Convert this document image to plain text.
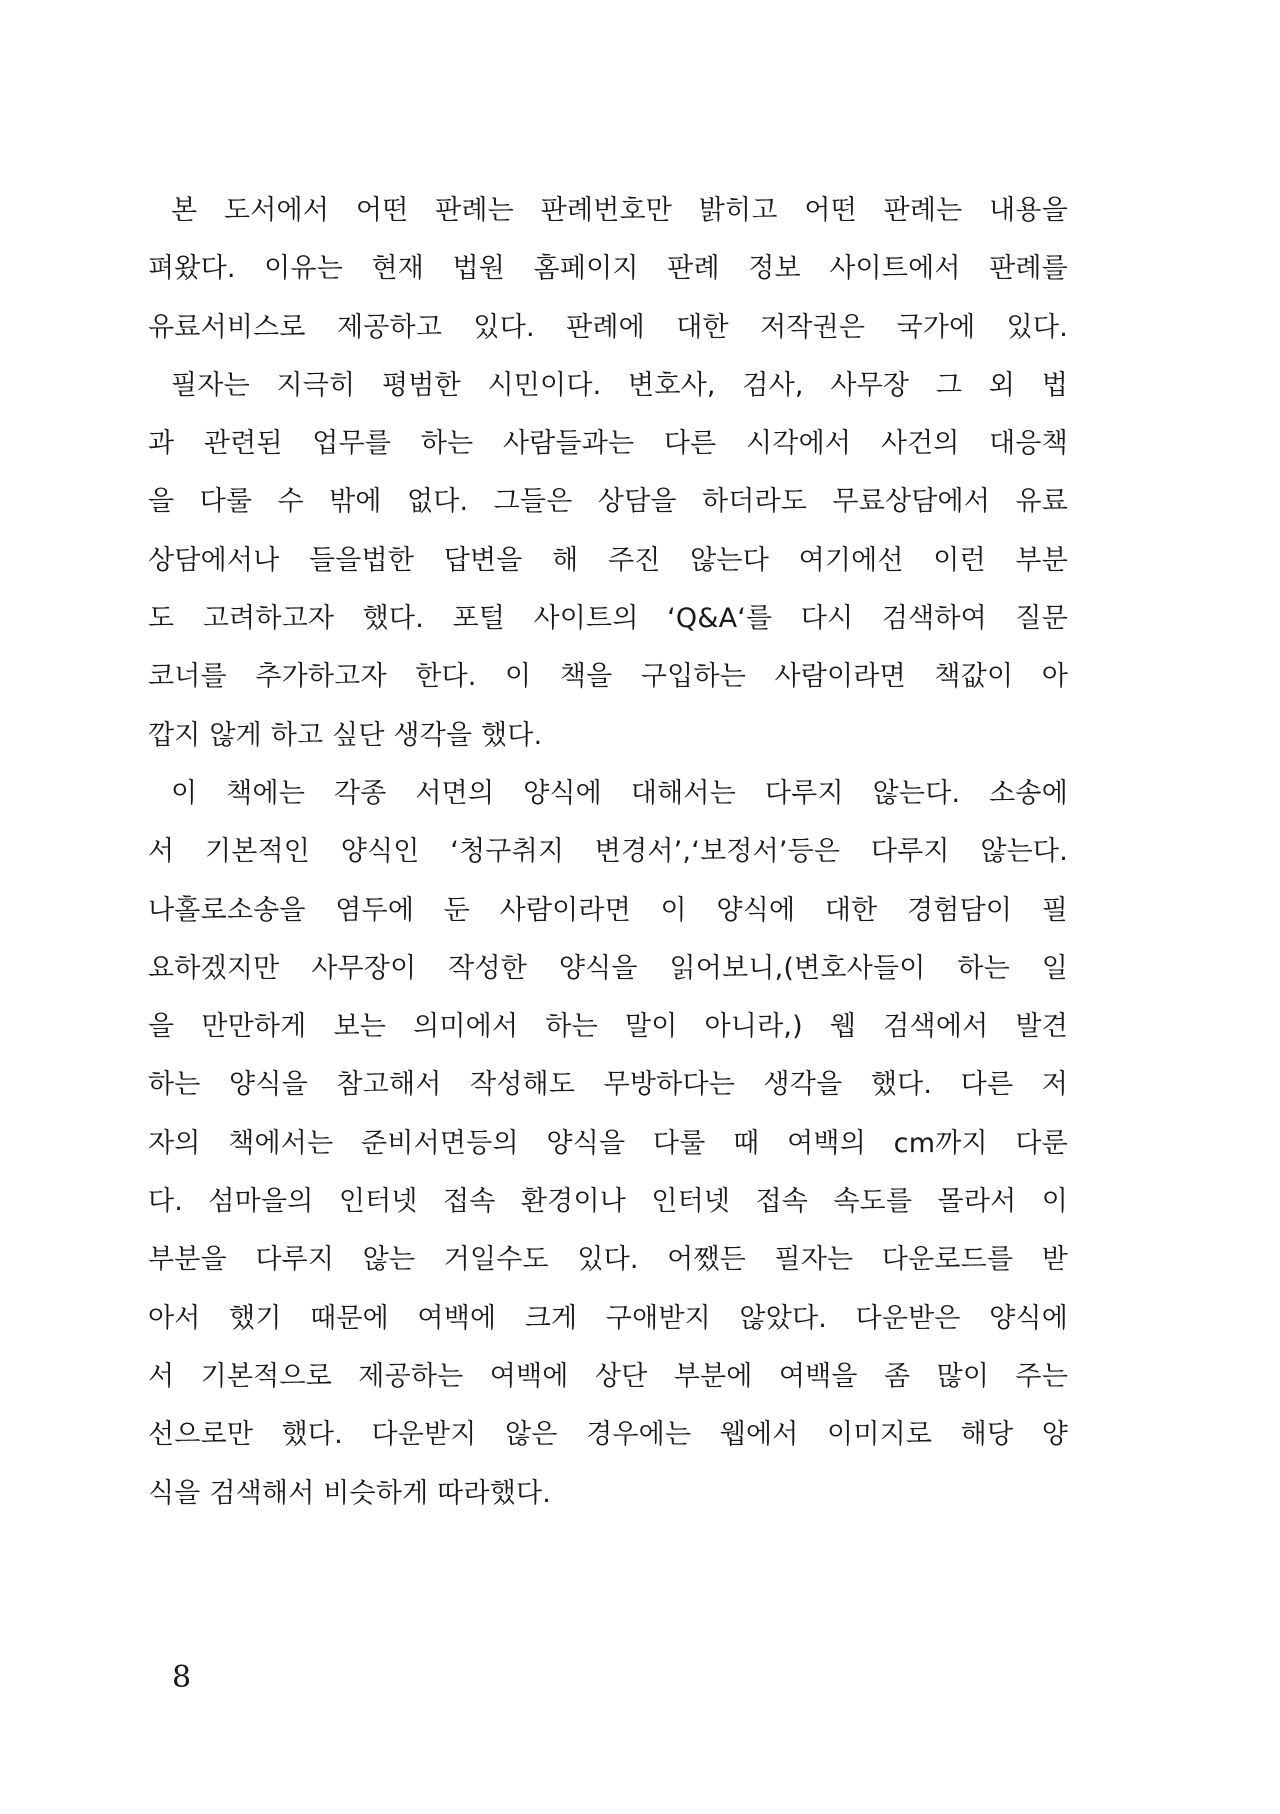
본 도서에서 어떤 판례는 판례번호만 밝히고 어떤 판례는 내용을
펴왔다. 이유는 현재 법원 홈페이지 판례 정보 사이트에서 판례를
유료서비스로 제공하고 있다. 판례에 대한 저작권은 국가에 있다.
필자는 지극히 평범한 시민이다. 변호사, 검사, 사무장 그 외 법
과 관련된 업무를 하는 사람들과는 다른 시각에서 사건의 대응책
을 다룰 수 밖에 없다. 그들은 상담을 하더라도 무료상담에서 유료
상담에서나 들을법한 답변을 해 주진 않는다 여기에선 이런 부분
도 고려하고자 했다. 포털 사이트의 ‘Q&A‘를 다시 검색하여 질문
코너를 추가하고자 한다. 이 책을 구입하는 사람이라면 책값이 아
깝지 않게 하고 싶단 생각을 했다.
이 책에는 각종 서면의 양식에 대해서는 다루지 않는다. 소송에
서 기본적인 양식인 ‘청구취지 변경서’,‘보정서’등은 다루지 않는다.
나홀로소송을 염두에 둔 사람이라면 이 양식에 대한 경험담이 필
요하겠지만 사무장이 작성한 양식을 읽어보니,(변호사들이 하는 일
을 만만하게 보는 의미에서 하는 말이 아니라,) 웹 검색에서 발견
하는 양식을 참고해서 작성해도 무방하다는 생각을 했다. 다른 저
자의 책에서는 준비서면등의 양식을 다룰 때 여백의 cm까지 다룬
다. 섬마을의 인터넷 접속 환경이나 인터넷 접속 속도를 몰라서 이
부분을 다루지 않는 거일수도 있다. 어쨌든 필자는 다운로드를 받
아서 했기 때문에 여백에 크게 구애받지 않았다. 다운받은 양식에
서 기본적으로 제공하는 여백에 상단 부분에 여백을 좀 많이 주는
선으로만 했다. 다운받지 않은 경우에는 웹에서 이미지로 해당 양
식을 검색해서 비슷하게 따라했다.
8
